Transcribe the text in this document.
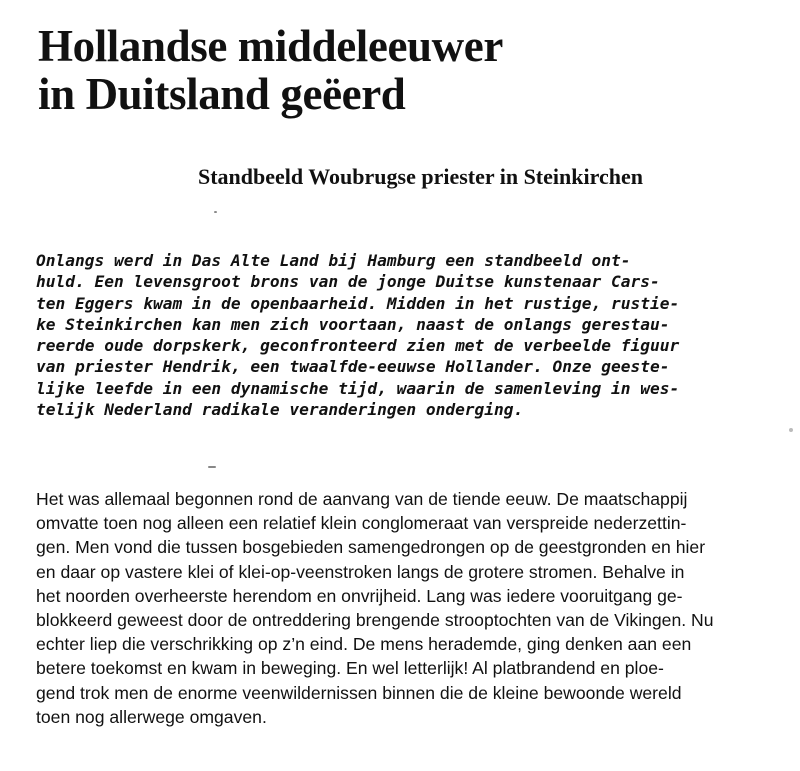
Hollandse middeleeuwer
in Duitsland geëerd
Standbeeld Woubrugse priester in Steinkirchen

Onlangs werd in Das Alte Land bij Hamburg een standbeeld ont-
huld. Een levensgroot brons van de jonge Duitse kunstenaar Cars-
ten Eggers kwam in de openbaarheid. Midden in het rustige, rustie-
ke Steinkirchen kan men zich voortaan, naast de onlangs gerestau-
reerde oude dorpskerk, geconfronteerd zien met de verbeelde figuur
van priester Hendrik, een twaalfde-eeuwse Hollander. Onze geeste-
lijke leefde in een dynamische tijd, waarin de samenleving in wes-
telijk Nederland radikale veranderingen onderging.

Het was allemaal begonnen rond de aanvang van de tiende eeuw. De maatschappij
omvatte toen nog alleen een relatief klein conglomeraat van verspreide nederzettin-
gen. Men vond die tussen bosgebieden samengedrongen op de geestgronden en hier
en daar op vastere klei of klei-op-veenstroken langs de grotere stromen. Behalve in
het noorden overheerste herendom en onvrijheid. Lang was iedere vooruitgang ge-
blokkeerd geweest door de ontreddering brengende strooptochten van de Vikingen. Nu
echter liep die verschrikking op z’n eind. De mens herademde, ging denken aan een
betere toekomst en kwam in beweging. En wel letterlijk! Al platbrandend en ploe-
gend trok men de enorme veenwildernissen binnen die de kleine bewoonde wereld
toen nog allerwege omgaven.
